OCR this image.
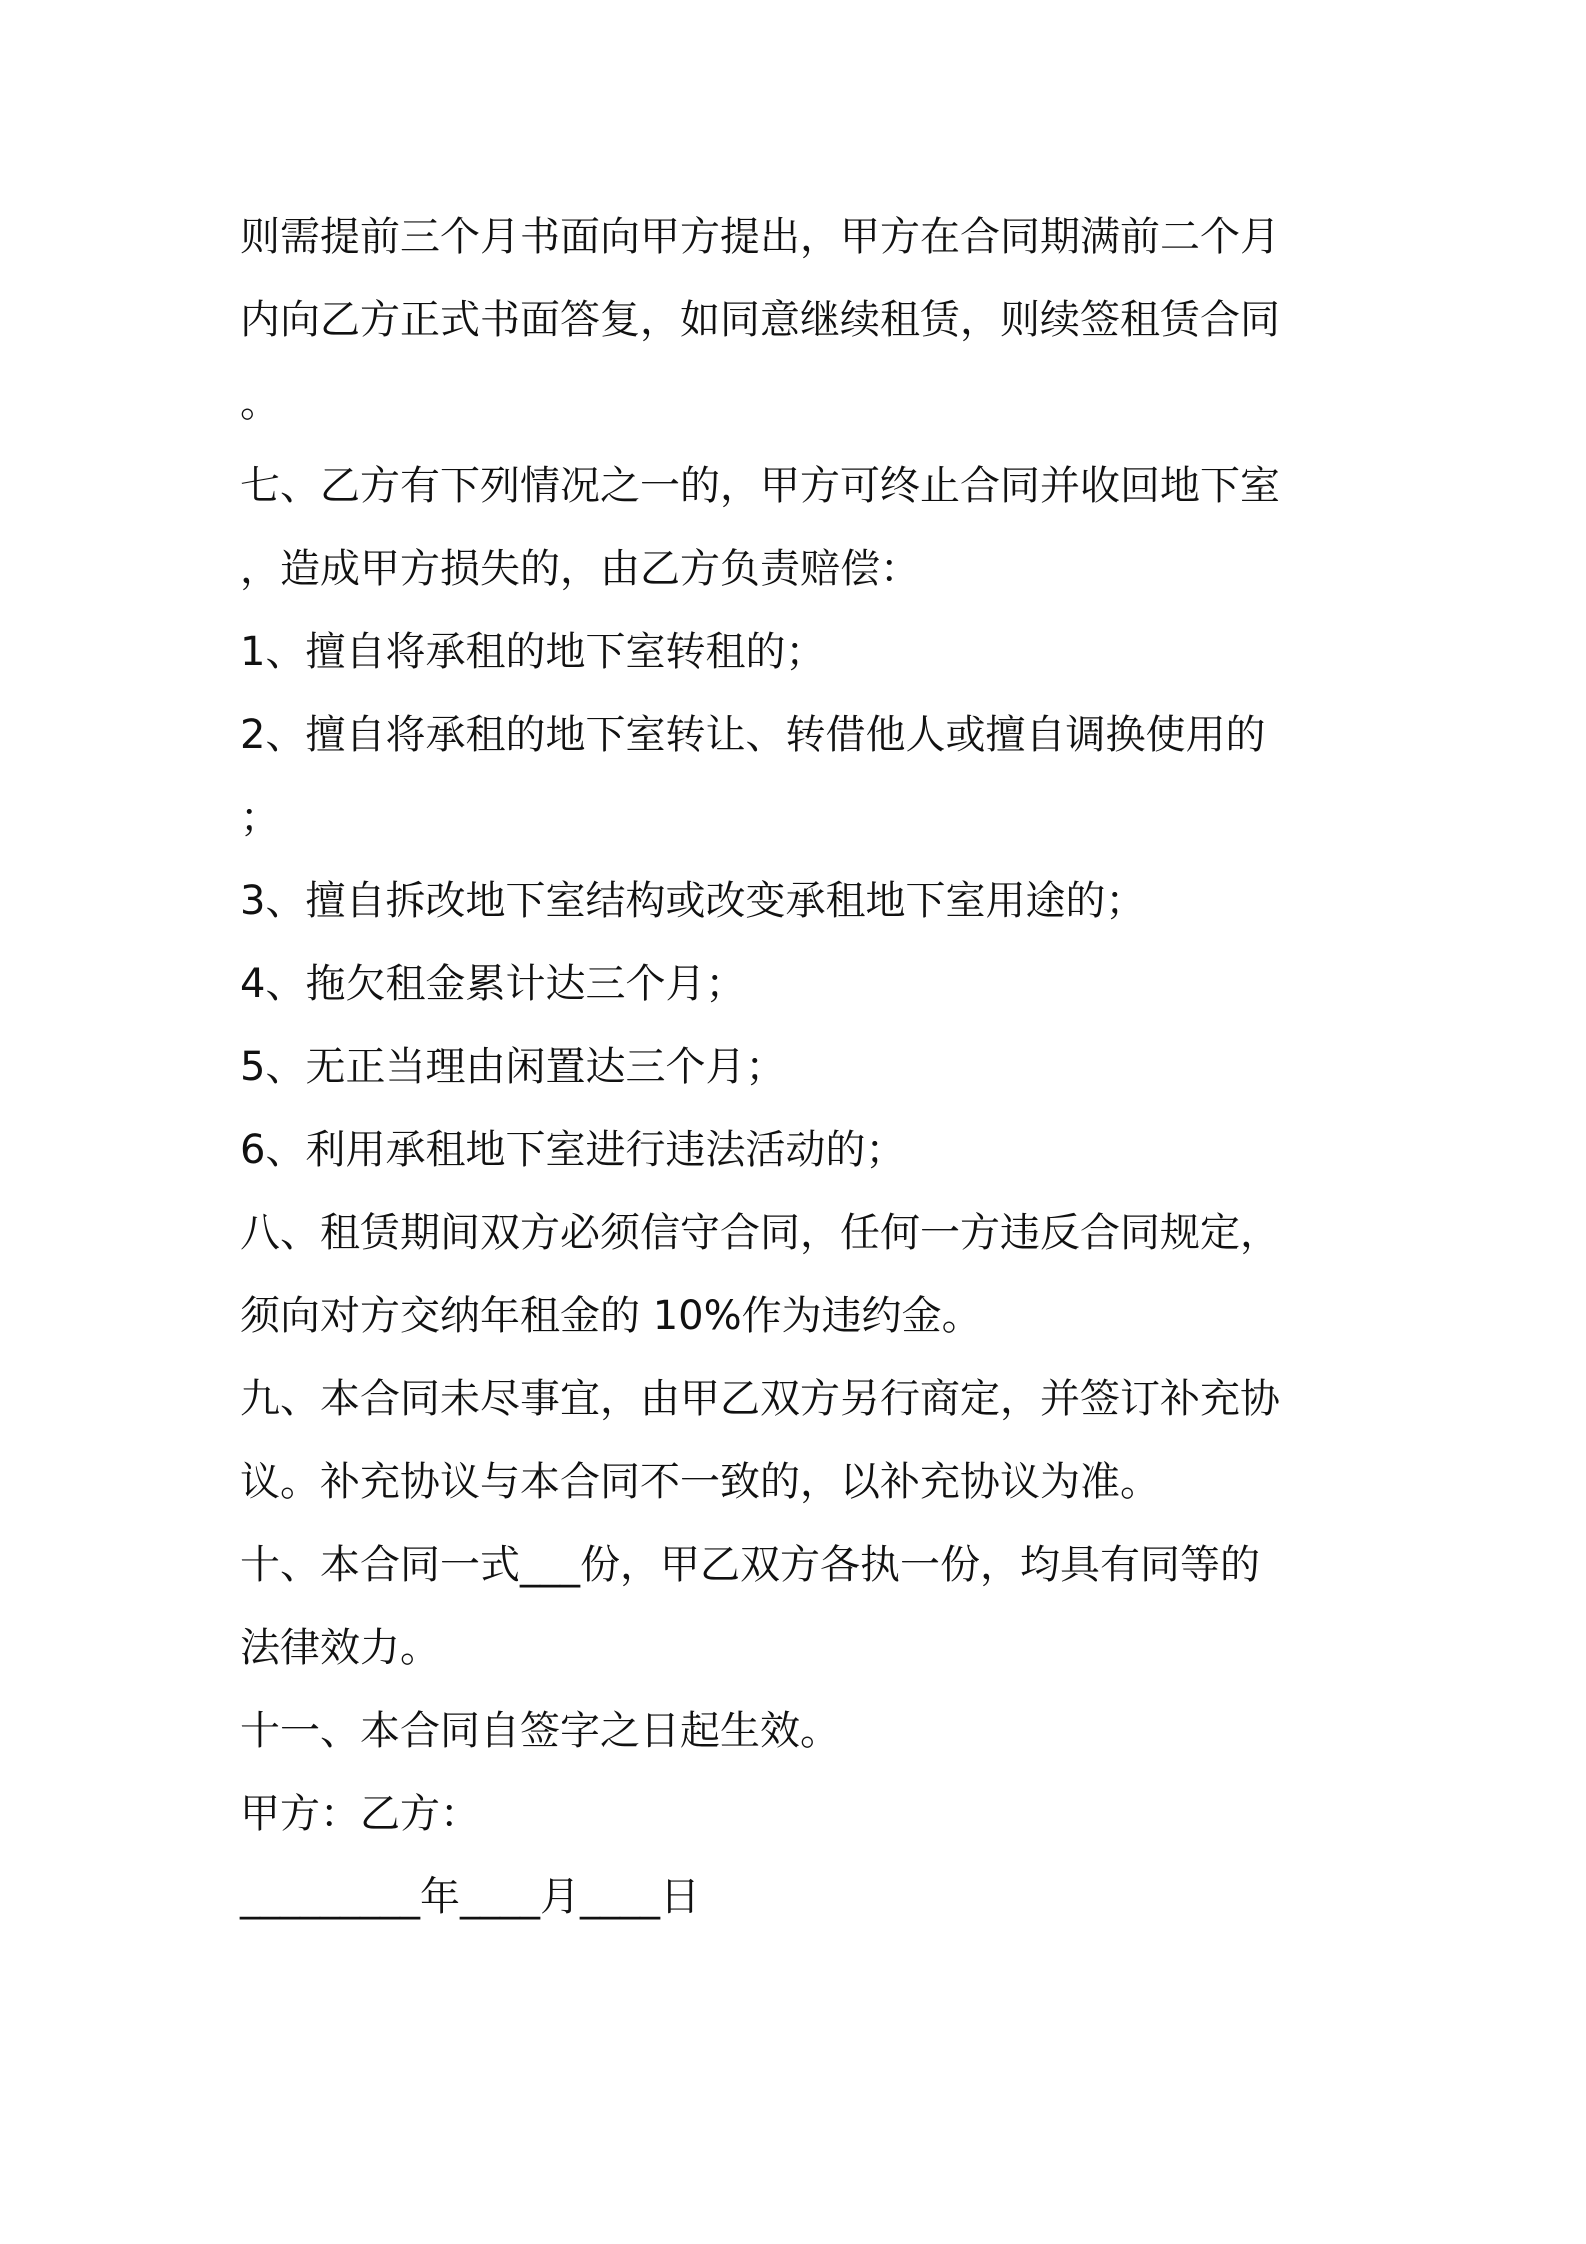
则需提前三个月书面向甲方提出，甲方在合同期满前二个月
内向乙方正式书面答复，如同意继续租赁，则续签租赁合同
。
七、乙方有下列情况之一的，甲方可终止合同并收回地下室
，造成甲方损失的，由乙方负责赔偿：
1、擅自将承租的地下室转租的；
2、擅自将承租的地下室转让、转借他人或擅自调换使用的
；
3、擅自拆改地下室结构或改变承租地下室用途的；
4、拖欠租金累计达三个月；
5、无正当理由闲置达三个月；
6、利用承租地下室进行违法活动的；
八、租赁期间双方必须信守合同，任何一方违反合同规定，
须向对方交纳年租金的 10%作为违约金。
九、本合同未尽事宜，由甲乙双方另行商定，并签订补充协
议。补充协议与本合同不一致的，以补充协议为准。
十、本合同一式___份，甲乙双方各执一份，均具有同等的
法律效力。
十一、本合同自签字之日起生效。
甲方：乙方：
_________年____月____日
